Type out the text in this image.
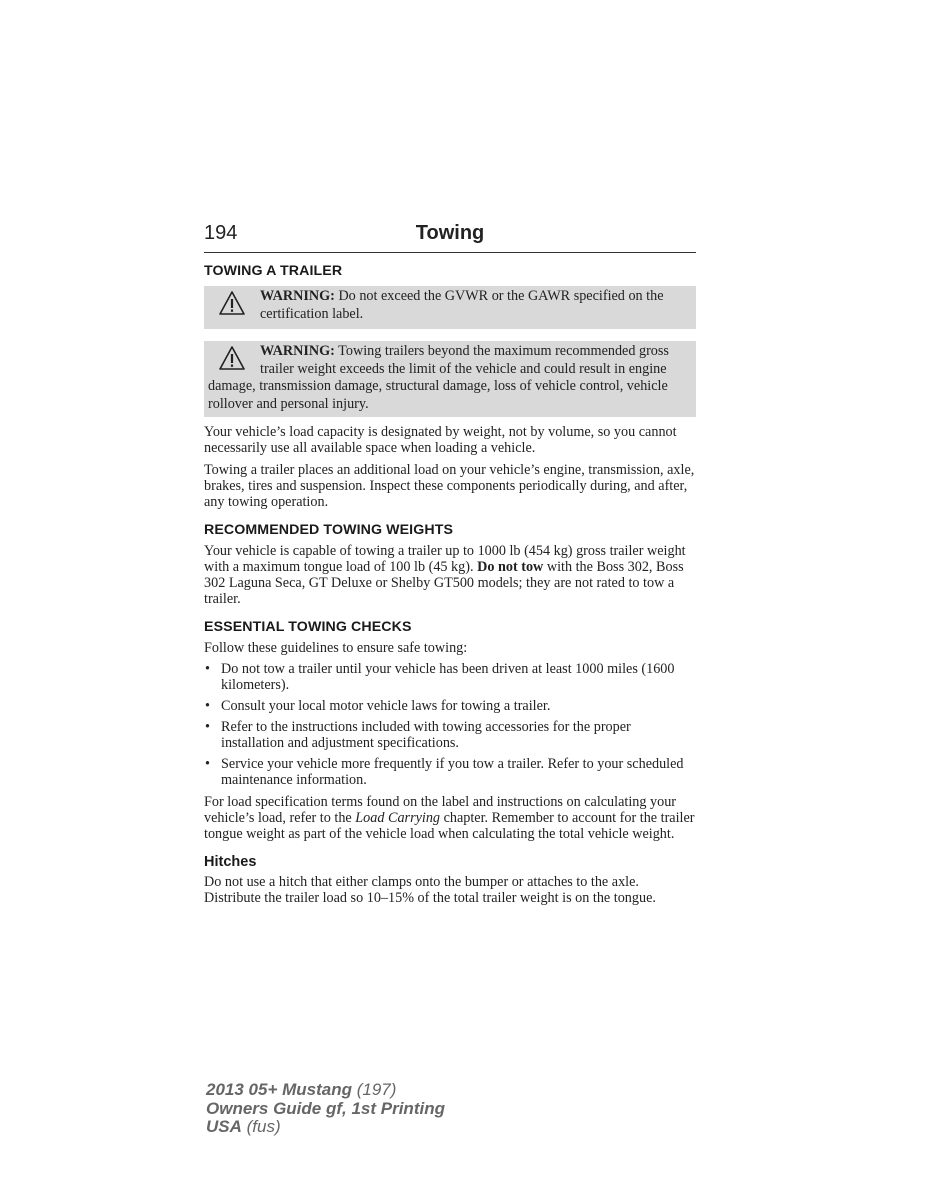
194	Towing
TOWING A TRAILER
WARNING: Do not exceed the GVWR or the GAWR specified on the certification label.
WARNING: Towing trailers beyond the maximum recommended gross trailer weight exceeds the limit of the vehicle and could result in engine damage, transmission damage, structural damage, loss of vehicle control, vehicle rollover and personal injury.

Your vehicle’s load capacity is designated by weight, not by volume, so you cannot necessarily use all available space when loading a vehicle.

Towing a trailer places an additional load on your vehicle’s engine, transmission, axle, brakes, tires and suspension. Inspect these components periodically during, and after, any towing operation.

RECOMMENDED TOWING WEIGHTS

Your vehicle is capable of towing a trailer up to 1000 lb (454 kg) gross trailer weight with a maximum tongue load of 100 lb (45 kg). Do not tow with the Boss 302, Boss 302 Laguna Seca, GT Deluxe or Shelby GT500 models; they are not rated to tow a trailer.

ESSENTIAL TOWING CHECKS

Follow these guidelines to ensure safe towing:

• Do not tow a trailer until your vehicle has been driven at least 1000 miles (1600 kilometers).
• Consult your local motor vehicle laws for towing a trailer.
• Refer to the instructions included with towing accessories for the proper installation and adjustment specifications.
• Service your vehicle more frequently if you tow a trailer. Refer to your scheduled maintenance information.

For load specification terms found on the label and instructions on calculating your vehicle’s load, refer to the Load Carrying chapter. Remember to account for the trailer tongue weight as part of the vehicle load when calculating the total vehicle weight.

Hitches

Do not use a hitch that either clamps onto the bumper or attaches to the axle. Distribute the trailer load so 10–15% of the total trailer weight is on the tongue.

2013 05+ Mustang (197)
Owners Guide gf, 1st Printing
USA (fus)
